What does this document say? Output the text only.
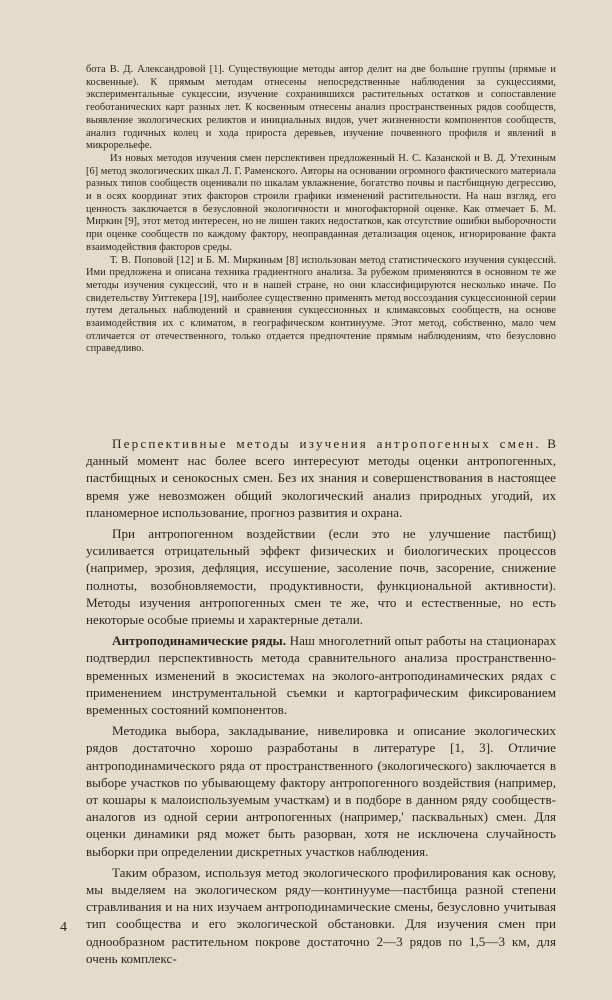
бота В. Д. Александровой [1]. Существующие методы автор делит на две большие группы (прямые и косвенные). К прямым методам отнесены непосредственные наблюдения за сукцессиями, экспериментальные сукцессии, изучение сохранившихся растительных остатков и сопоставление геоботанических карт разных лет. К косвенным отнесены анализ пространственных рядов сообществ, выявление экологических реликтов и инициальных видов, учет жизненности компонентов сообществ, анализ годичных колец и хода прироста деревьев, изучение почвенного профиля и явлений в микрорельефе.

Из новых методов изучения смен перспективен предложенный Н. С. Казанской и В. Д. Утехиным [6] метод экологических шкал Л. Г. Раменского. Авторы на основании огромного фактического материала разных типов сообществ оценивали по шкалам увлажнение, богатство почвы и пастбищную дегрессию, и в осях координат этих факторов строили графики изменений растительности. На наш взгляд, его ценность заключается в безусловной экологичности и многофакторной оценке. Как отмечает Б. М. Миркин [9], этот метод интересен, но не лишен таких недостатков, как отсутствие ошибки выборочности при оценке сообществ по каждому фактору, неоправданная детализация оценок, игнорирование факта взаимодействия факторов среды.

Т. В. Поповой [12] и Б. М. Миркиным [8] использован метод статистического изучения сукцессий. Ими предложена и описана техника градиентного анализа. За рубежом применяются в основном те же методы изучения сукцессий, что и в нашей стране, но они классифицируются несколько иначе. По свидетельству Уиттекера [19], наиболее существенно применять метод воссоздания сукцессионной серии путем детальных наблюдений и сравнения сукцессионных и климаксовых сообществ, на основе взаимодействия их с климатом, в географическом континууме. Этот метод, собственно, мало чем отличается от отечественного, только отдается предпочтение прямым наблюдениям, что безусловно справедливо.

Перспективные методы изучения антропогенных смен. В данный момент нас более всего интересуют методы оценки антропогенных, пастбищных и сенокосных смен. Без их знания и совершенствования в настоящее время уже невозможен общий экологический анализ природных угодий, их планомерное использование, прогноз развития и охрана.

При антропогенном воздействии (если это не улучшение пастбищ) усиливается отрицательный эффект физических и биологических процессов (например, эрозия, дефляция, иссушение, засоление почв, засорение, снижение полноты, возобновляемости, продуктивности, функциональной активности). Методы изучения антропогенных смен те же, что и естественные, но есть некоторые особые приемы и характерные детали.

Антроподинамические ряды. Наш многолетний опыт работы на стационарах подтвердил перспективность метода сравнительного анализа пространственно-временных изменений в экосистемах на эколого-антроподинамических рядах с применением инструментальной съемки и картографическим фиксированием временных состояний компонентов.

Методика выбора, закладывание, нивелировка и описание экологических рядов достаточно хорошо разработаны в литературе [1, 3]. Отличие антроподинамического ряда от пространственного (экологического) заключается в выборе участков по убывающему фактору антропогенного воздействия (например, от кошары к малоиспользуемым участкам) и в подборе в данном ряду сообществ-аналогов из одной серии антропогенных (например,' пасквальных) смен. Для оценки динамики ряд может быть разорван, хотя не исключена случайность выборки при определении дискретных участков наблюдения.

Таким образом, используя метод экологического профилирования как основу, мы выделяем на экологическом ряду—континууме—пастбища разной степени стравливания и на них изучаем антроподинамические смены, безусловно учитывая тип сообщества и его экологической обстановки. Для изучения смен при однообразном растительном покрове достаточно 2—3 рядов по 1,5—3 км, для очень комплекс-

4
